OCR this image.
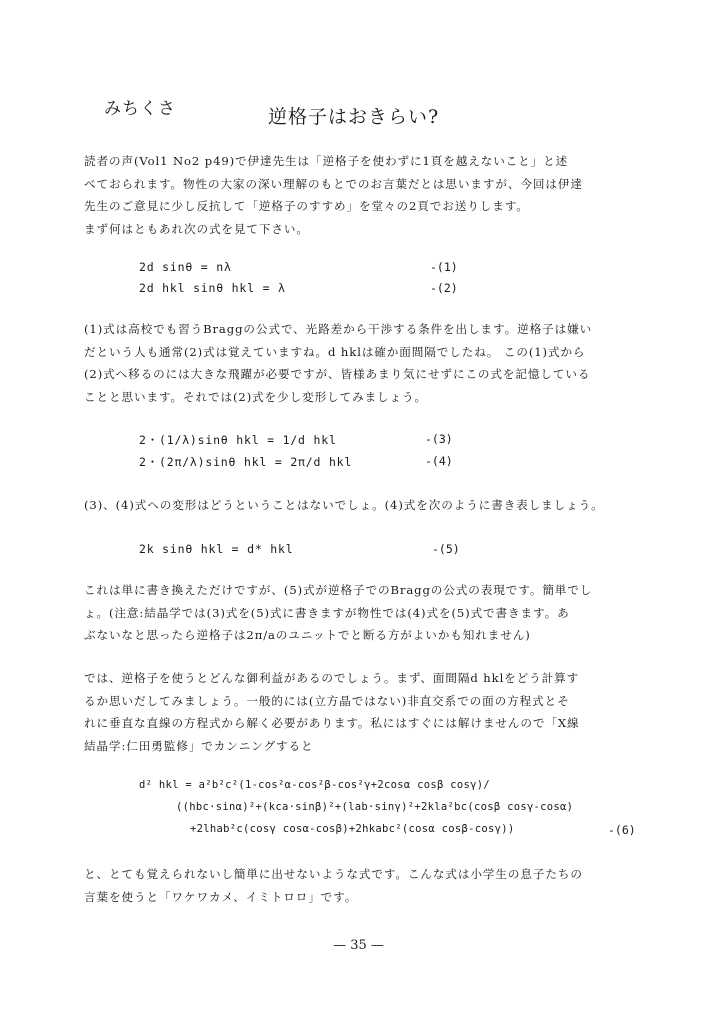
みちくさ	逆格子はおきらい?
読者の声(Vol1 No2 p49)で伊達先生は「逆格子を使わずに1頁を越えないこと」と述
べておられます。物性の大家の深い理解のもとでのお言葉だとは思いますが、今回は伊達
先生のご意見に少し反抗して「逆格子のすすめ」を堂々の2頁でお送りします。
まず何はともあれ次の式を見て下さい。
2d sinθ = nλ	-(1)
2d hkl sinθ hkl = λ	-(2)
(1)式は高校でも習うBraggの公式で、光路差から干渉する条件を出します。逆格子は嫌い
だという人も通常(2)式は覚えていますね。d hklは確か面間隔でしたね。 この(1)式から
(2)式へ移るのには大きな飛躍が必要ですが、皆様あまり気にせずにこの式を記憶している
ことと思います。それでは(2)式を少し変形してみましょう。
2・(1/λ)sinθ hkl = 1/d hkl	-(3)
2・(2π/λ)sinθ hkl = 2π/d hkl	-(4)
(3)、(4)式への変形はどうということはないでしょ。(4)式を次のように書き表しましょう。
2k sinθ hkl = d* hkl	-(5)
これは単に書き換えただけですが、(5)式が逆格子でのBraggの公式の表現です。簡単でし
ょ。(注意:結晶学では(3)式を(5)式に書きますが物性では(4)式を(5)式で書きます。あ
ぶないなと思ったら逆格子は2π/aのユニットでと断る方がよいかも知れません)
では、逆格子を使うとどんな御利益があるのでしょう。まず、面間隔d hklをどう計算す
るか思いだしてみましょう。一般的には(立方晶ではない)非直交系での面の方程式とそ
れに垂直な直線の方程式から解く必要があります。私にはすぐには解けませんので「X線
結晶学:仁田勇監修」でカンニングすると
d² hkl = a²b²c²(1-cos²α-cos²β-cos²γ+2cosα cosβ cosγ)/
((hbc·sinα)²+(kca·sinβ)²+(lab·sinγ)²+2kla²bc(cosβ cosγ-cosα)
+2lhab²c(cosγ cosα-cosβ)+2hkabc²(cosα cosβ-cosγ))	-(6)
と、とても覚えられないし簡単に出せないような式です。こんな式は小学生の息子たちの
言葉を使うと「ワケワカメ、イミトロロ」です。
— 35 —
